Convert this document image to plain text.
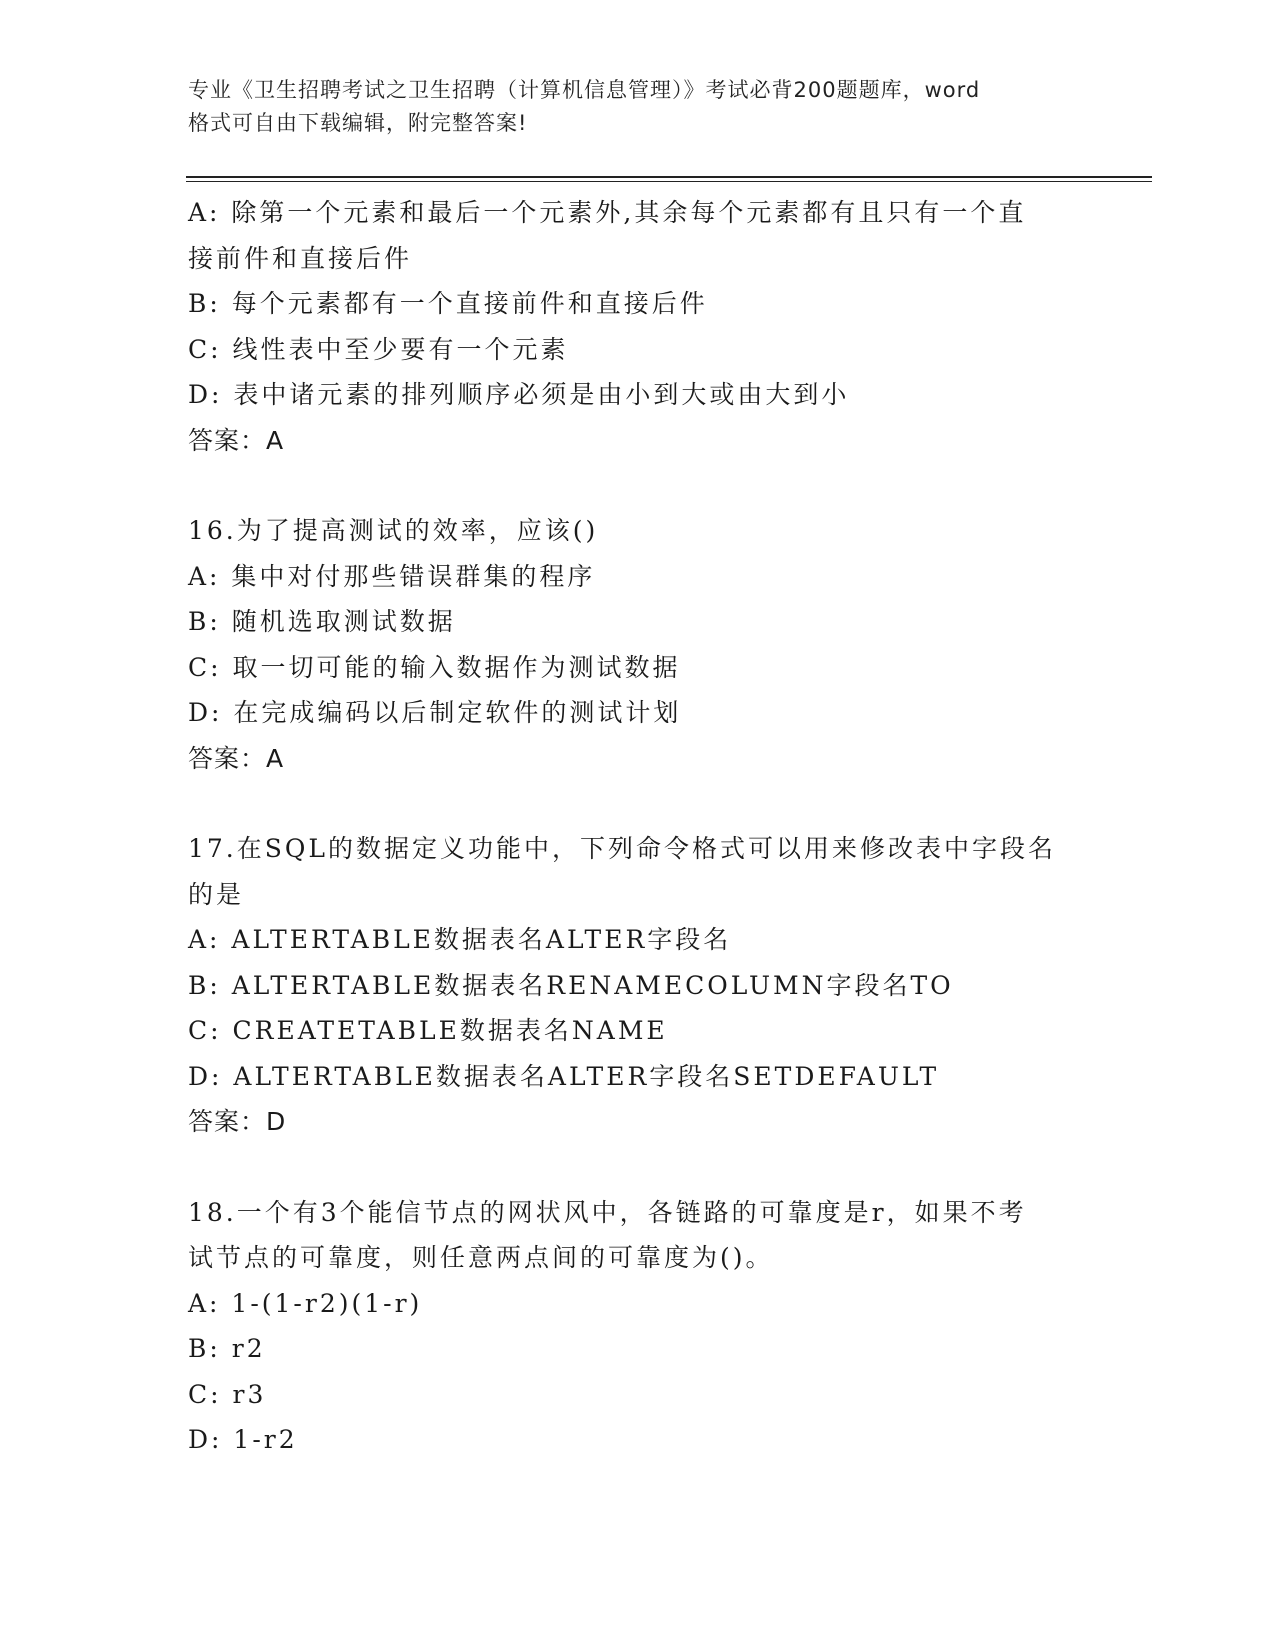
专业《卫生招聘考试之卫生招聘（计算机信息管理）》考试必背200题题库，word
格式可自由下载编辑，附完整答案!
A: 除第一个元素和最后一个元素外,其余每个元素都有且只有一个直
接前件和直接后件
B: 每个元素都有一个直接前件和直接后件
C: 线性表中至少要有一个元素
D: 表中诸元素的排列顺序必须是由小到大或由大到小
答案：A
16.为了提高测试的效率，应该()
A: 集中对付那些错误群集的程序
B: 随机选取测试数据
C: 取一切可能的输入数据作为测试数据
D: 在完成编码以后制定软件的测试计划
答案：A
17.在SQL的数据定义功能中，下列命令格式可以用来修改表中字段名
的是
A: ALTERTABLE数据表名ALTER字段名
B: ALTERTABLE数据表名RENAMECOLUMN字段名TO
C: CREATETABLE数据表名NAME
D: ALTERTABLE数据表名ALTER字段名SETDEFAULT
答案：D
18.一个有3个能信节点的网状风中，各链路的可靠度是r，如果不考
试节点的可靠度，则任意两点间的可靠度为()。
A: 1-(1-r2)(1-r)
B: r2
C: r3
D: 1-r2
